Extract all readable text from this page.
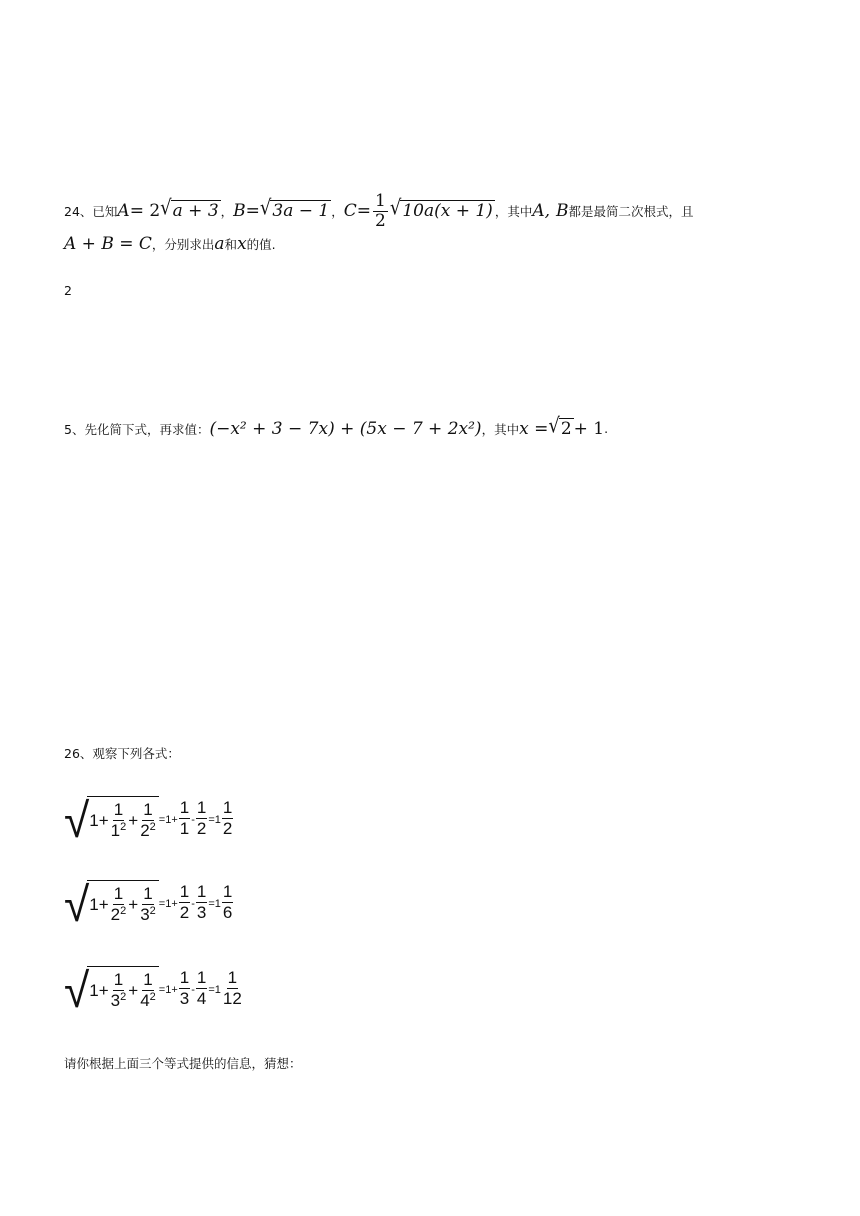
24、已知 A = 2 √ a + 3 ， B = √ 3a − 1 ， $C = \frac{1}{2}$ √ 10a(x + 1) ，其中 A, B 都是最简二次根式，且
A + B = C ，分别求出 a 和 x 的值.
2
5、先化简下式，再求值： (−x² + 3 − 7x) + (5x − 7 + 2x²) ，其中 x = √ 2 + 1 .
26、观察下列各式：
√ $1 + \frac{1}{1^2} + \frac{1}{2^2} =1+ \frac{1}{1} - \frac{1}{2} =1 \frac{1}{2}$
√ $1 + \frac{1}{2^2} + \frac{1}{3^2} =1+ \frac{1}{2} - \frac{1}{3} =1 \frac{1}{6}$
√ $1 + \frac{1}{3^2} + \frac{1}{4^2} =1+ \frac{1}{3} - \frac{1}{4} =1 \frac{1}{12}$
请你根据上面三个等式提供的信息，猜想：
